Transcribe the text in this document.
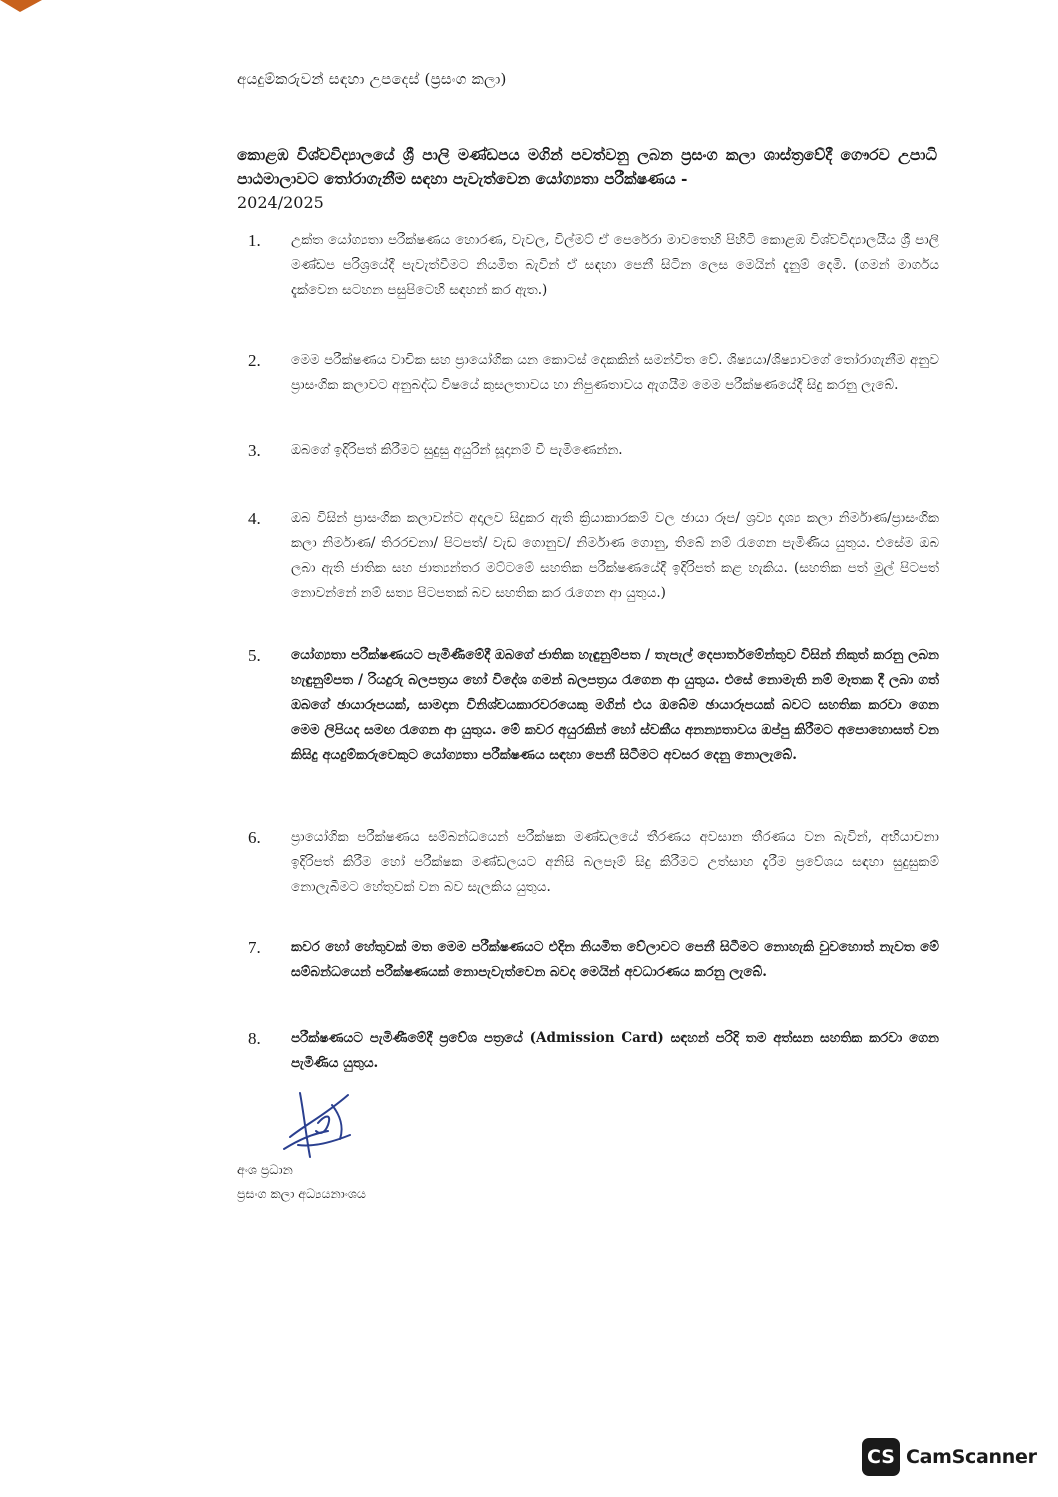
අයදුම්කරුවන් සඳහා උපදෙස් (ප්‍රසංග කලා)
කොළඹ විශ්වවිද්‍යාලයේ ශ්‍රී පාලි මණ්ඩපය මගින් පවත්වනු ලබන ප්‍රසංග කලා ශාස්ත්‍රවේදී ගෞරව උපාධි පාඨමාලාවට තෝරාගැනීම සඳහා පැවැත්වෙන යෝග්‍යතා පරීක්ෂණය -
2024/2025
1.	උක්ත යෝග්‍යතා පරීක්ෂණය හොරණ, වැවල, විල්මට් ඒ පෙරේරා මාවතෙහි පිහිටි කොළඹ විශ්වවිද්‍යාලයීය ශ්‍රී පාලි මණ්ඩප පරිශ්‍රයේදී පැවැත්වීමට නියමිත බැවින් ඒ සඳහා පෙනී සිටින ලෙස මෙයින් දැනුම් දෙමි. (ගමන් මාර්ගය දැක්වෙන සටහන පසුපිටෙහි සඳහන් කර ඇත.)
2.	මෙම පරීක්ෂණය වාචික සහ ප්‍රායෝගික යන කොටස් දෙකකින් සමන්විත වේ. ශිෂ්‍යයා/ශිෂ්‍යාවගේ තෝරාගැනීම අනුව ප්‍රාසංගික කලාවට අනුබද්ධ විෂයේ කුසලතාවය හා නිපුණතාවය ඇගයීම මෙම පරීක්ෂණයේදී සිදු කරනු ලැබේ.
3.	ඔබගේ ඉදිරිපත් කිරීමට සුදුසු අයුරින් සූදානම් වී පැමිණෙන්න.
4.	ඔබ විසින් ප්‍රාසංගික කලාවන්ට අදාලව සිදුකර ඇති ක්‍රියාකාරකම් වල ඡායා රූප/ ශ්‍රව්‍ය දෘශ්‍ය කලා නිර්මාණ/ප්‍රාසංගික කලා නිර්මාණ/ තිරරචනා/ පිටපත්/ වැඩ ගොනුව/ නිර්මාණ ගොනු, තිබේ නම් රැගෙන පැමිණිය යුතුය. එසේම ඔබ ලබා ඇති ජාතික සහ ජාත්‍යන්තර මට්ටමේ සහතික පරීක්ෂණයේදී ඉදිරිපත් කළ හැකිය. (සහතික පත් මුල් පිටපත් නොවන්නේ නම් සත්‍ය පිටපතක් බව සහතික කර රැගෙන ආ යුතුය.)
5.	යෝග්‍යතා පරීක්ෂණයට පැමිණීමේදී ඔබගේ ජාතික හැඳුනුම්පත / තැපැල් දෙපාර්තමේන්තුව විසින් නිකුත් කරනු ලබන හැඳුනුම්පත / රියදුරු බලපත්‍රය හෝ විදේශ ගමන් බලපත්‍රය රැගෙන ආ යුතුය. එසේ නොමැති නම් මෑතක දී ලබා ගත් ඔබගේ ඡායාරූපයක්, සාමදාන විනිශ්චයකාරවරයෙකු මගින් එය ඔබේම ඡායාරූපයක් බවට සහතික කරවා ගෙන මෙම ලිපියද සමඟ රැගෙන ආ යුතුය. මේ කවර අයුරකින් හෝ ස්වකීය අනන්‍යතාවය ඔප්පු කිරීමට අපොහොසත් වන කිසිදු අයදුම්කරුවෙකුට යෝග්‍යතා පරීක්ෂණය සඳහා පෙනී සිටීමට අවසර දෙනු නොලැබේ.
6.	ප්‍රායෝගික පරීක්ෂණය සම්බන්ධයෙන් පරීක්ෂක මණ්ඩලයේ තීරණය අවසාන තීරණය වන බැවින්, අභියාචනා ඉදිරිපත් කිරීම හෝ පරීක්ෂක මණ්ඩලයට අනිසි බලපෑම් සිදු කිරීමට උත්සාහ දැරීම ප්‍රවේශය සඳහා සුදුසුකම් නොලැබීමට හේතුවක් වන බව සැලකිය යුතුය.
7.	කවර හෝ හේතුවක් මත මෙම පරීක්ෂණයට එදින නියමිත වේලාවට පෙනී සිටීමට නොහැකි වුවහොත් නැවත මේ සම්බන්ධයෙන් පරීක්ෂණයක් නොපැවැත්වෙන බවද මෙයින් අවධාරණය කරනු ලැබේ.
8.	පරීක්ෂණයට පැමිණීමේදී ප්‍රවේශ පත්‍රයේ (Admission Card) සඳහන් පරිදි තම අත්සන සහතික කරවා ගෙන පැමිණිය යුතුය.
අංශ ප්‍රධාන
ප්‍රසංග කලා අධ්‍යයනාංශය
CS CamScanner
